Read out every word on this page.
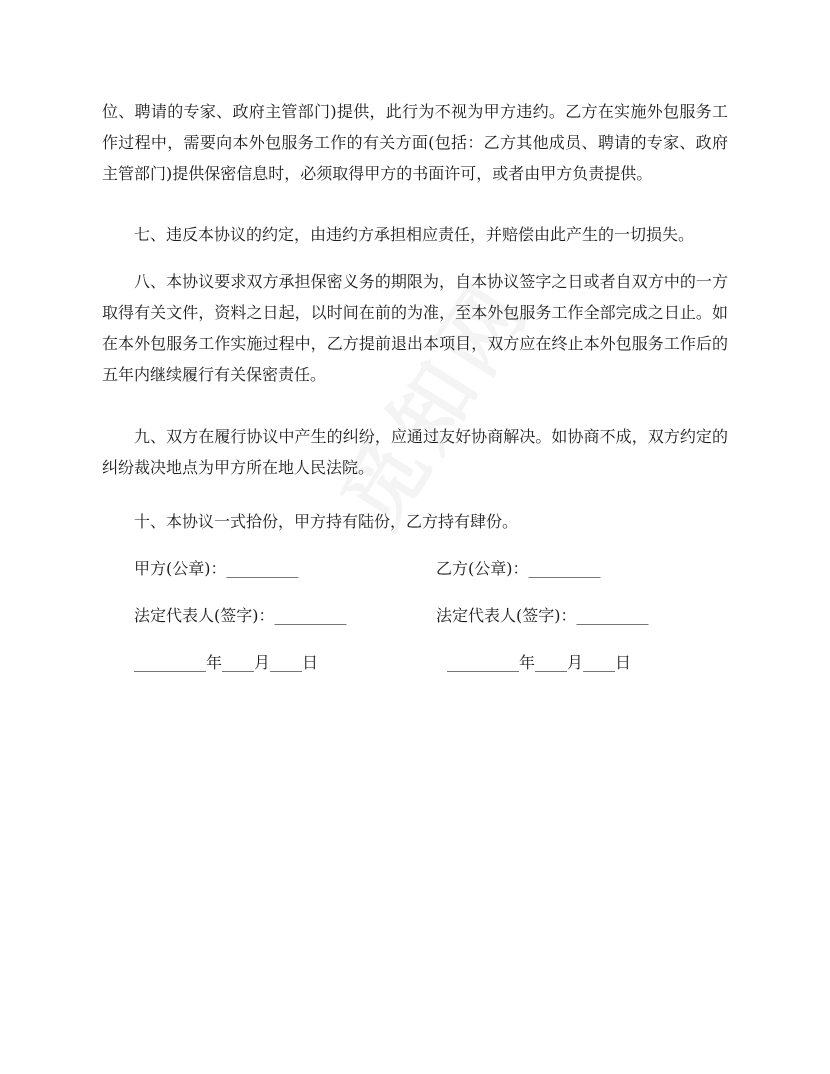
位、聘请的专家、政府主管部门)提供，此行为不视为甲方违约。乙方在实施外包服务工作过程中，需要向本外包服务工作的有关方面(包括：乙方其他成员、聘请的专家、政府主管部门)提供保密信息时，必须取得甲方的书面许可，或者由甲方负责提供。

七、违反本协议的约定，由违约方承担相应责任，并赔偿由此产生的一切损失。

八、本协议要求双方承担保密义务的期限为，自本协议签字之日或者自双方中的一方取得有关文件，资料之日起，以时间在前的为准，至本外包服务工作全部完成之日止。如在本外包服务工作实施过程中，乙方提前退出本项目，双方应在终止本外包服务工作后的五年内继续履行有关保密责任。

九、双方在履行协议中产生的纠纷，应通过友好协商解决。如协商不成，双方约定的纠纷裁决地点为甲方所在地人民法院。

十、本协议一式拾份，甲方持有陆份，乙方持有肆份。

甲方(公章)：_________	乙方(公章)：_________
法定代表人(签字)：_________	法定代表人(签字)：_________
_________年____月____日	_________年____月____日
